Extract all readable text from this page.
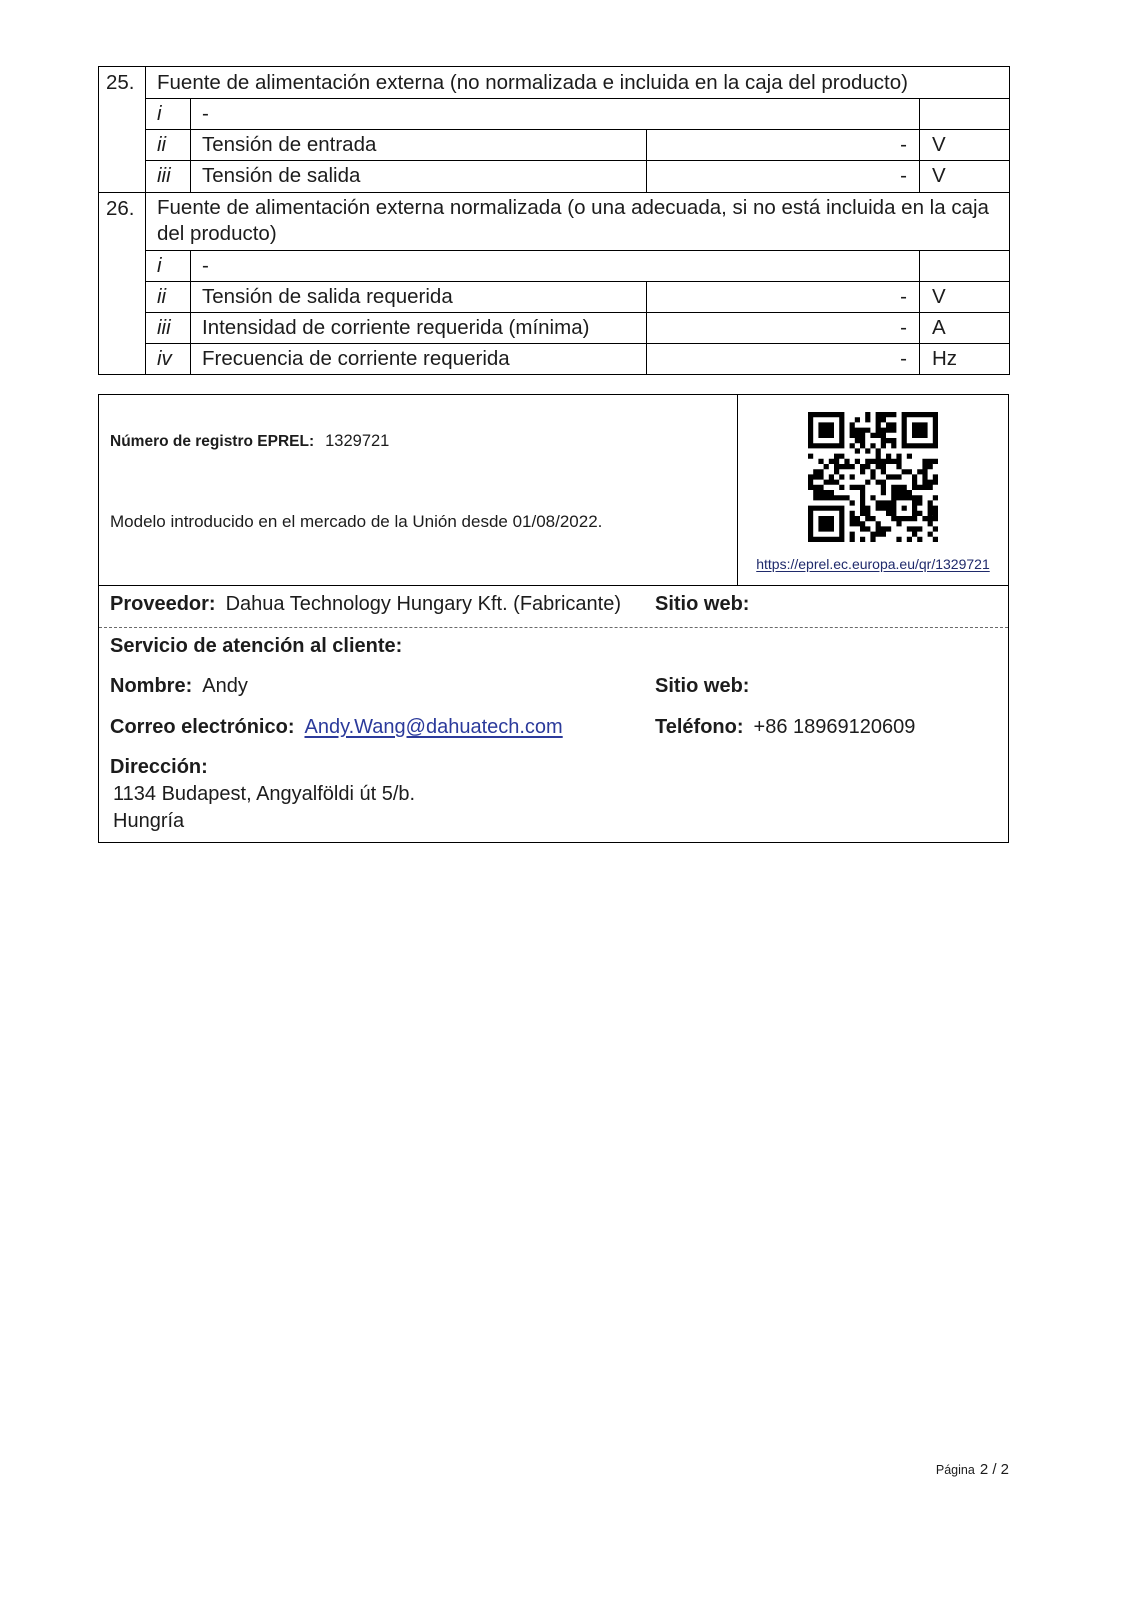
25.	Fuente de alimentación externa (no normalizada e incluida en la caja del producto)			
	i	-		
	ii	Tensión de entrada	-	V
	iii	Tensión de salida	-	V
26.	Fuente de alimentación externa normalizada (o una adecuada, si no está incluida en la caja del producto)			
	i	-		
	ii	Tensión de salida requerida	-	V
	iii	Intensidad de corriente requerida (mínima)	-	A
	iv	Frecuencia de corriente requerida	-	Hz
Número de registro EPREL: 1329721
Modelo introducido en el mercado de la Unión desde 01/08/2022.
https://eprel.ec.europa.eu/qr/1329721
Proveedor: Dahua Technology Hungary Kft. (Fabricante) Sitio web:
Servicio de atención al cliente:
Nombre: Andy	Sitio web:
Correo electrónico: Andy.Wang@dahuatech.com	Teléfono: +86 18969120609
Dirección:
1134 Budapest, Angyalföldi út 5/b.
Hungría
Página 2 / 2
